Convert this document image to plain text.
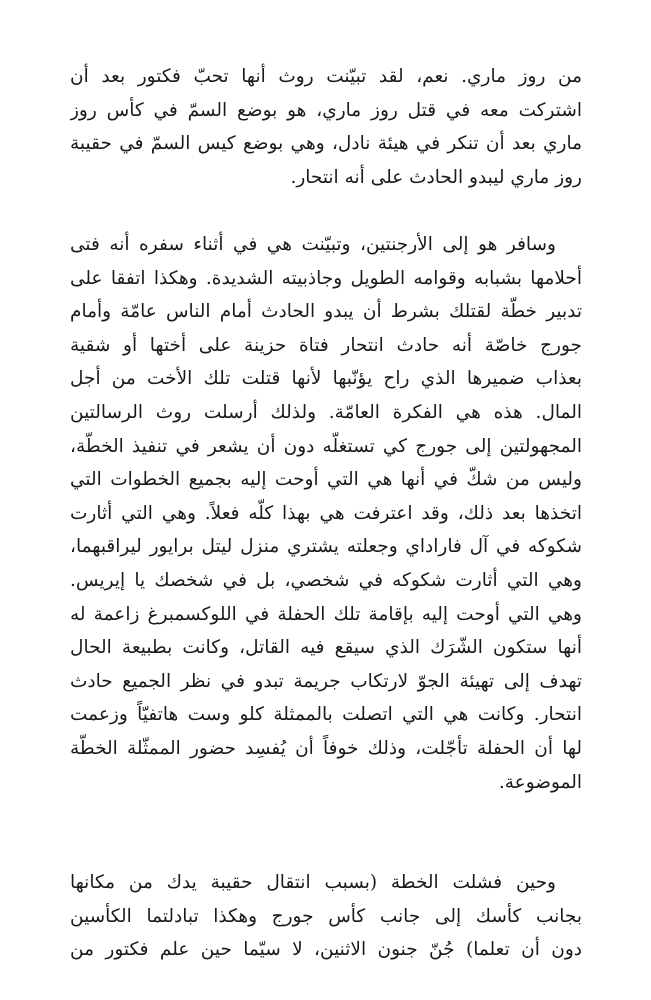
من روز ماري. نعم، لقد تبيّنت روث أنها تحبّ فكتور بعد أن
اشتركت معه في قتل روز ماري، هو بوضع السمّ في كأس روز
ماري بعد أن تنكر في هيئة نادل، وهي بوضع كيس السمّ في حقيبة
روز ماري ليبدو الحادث على أنه انتحار.
وسافر هو إلى الأرجنتين، وتبيّنت هي في أثناء سفره أنه فتى
أحلامها بشبابه وقوامه الطويل وجاذبيته الشديدة. وهكذا اتفقا على
تدبير خطّة لقتلك بشرط أن يبدو الحادث أمام الناس عامّة وأمام
جورج خاصّة أنه حادث انتحار فتاة حزينة على أختها أو شقية
بعذاب ضميرها الذي راح يؤنّبها لأنها قتلت تلك الأخت من أجل
المال. هذه هي الفكرة العامّة. ولذلك أرسلت روث الرسالتين
المجهولتين إلى جورج كي تستغلّه دون أن يشعر في تنفيذ الخطّة،
وليس من شكّ في أنها هي التي أوحت إليه بجميع الخطوات التي
اتخذها بعد ذلك، وقد اعترفت هي بهذا كلّه فعلاً. وهي التي أثارت
شكوكه في آل فاراداي وجعلته يشتري منزل ليتل برايور ليراقبهما،
وهي التي أثارت شكوكه في شخصي، بل في شخصك يا إيريس.
وهي التي أوحت إليه بإقامة تلك الحفلة في اللوكسمبرغ زاعمة له
أنها ستكون الشّرَك الذي سيقع فيه القاتل، وكانت بطبيعة الحال
تهدف إلى تهيئة الجوّ لارتكاب جريمة تبدو في نظر الجميع حادث
انتحار. وكانت هي التي اتصلت بالممثلة كلو وست هاتفيّاً وزعمت
لها أن الحفلة تأجّلت، وذلك خوفاً أن يُفسِد حضور الممثّلة الخطّة
الموضوعة.
وحين فشلت الخطة (بسبب انتقال حقيبة يدك من مكانها
بجانب كأسك إلى جانب كأس جورج وهكذا تبادلتما الكأسين
دون أن تعلما) جُنّ جنون الاثنين، لا سيّما حين علم فكتور من
